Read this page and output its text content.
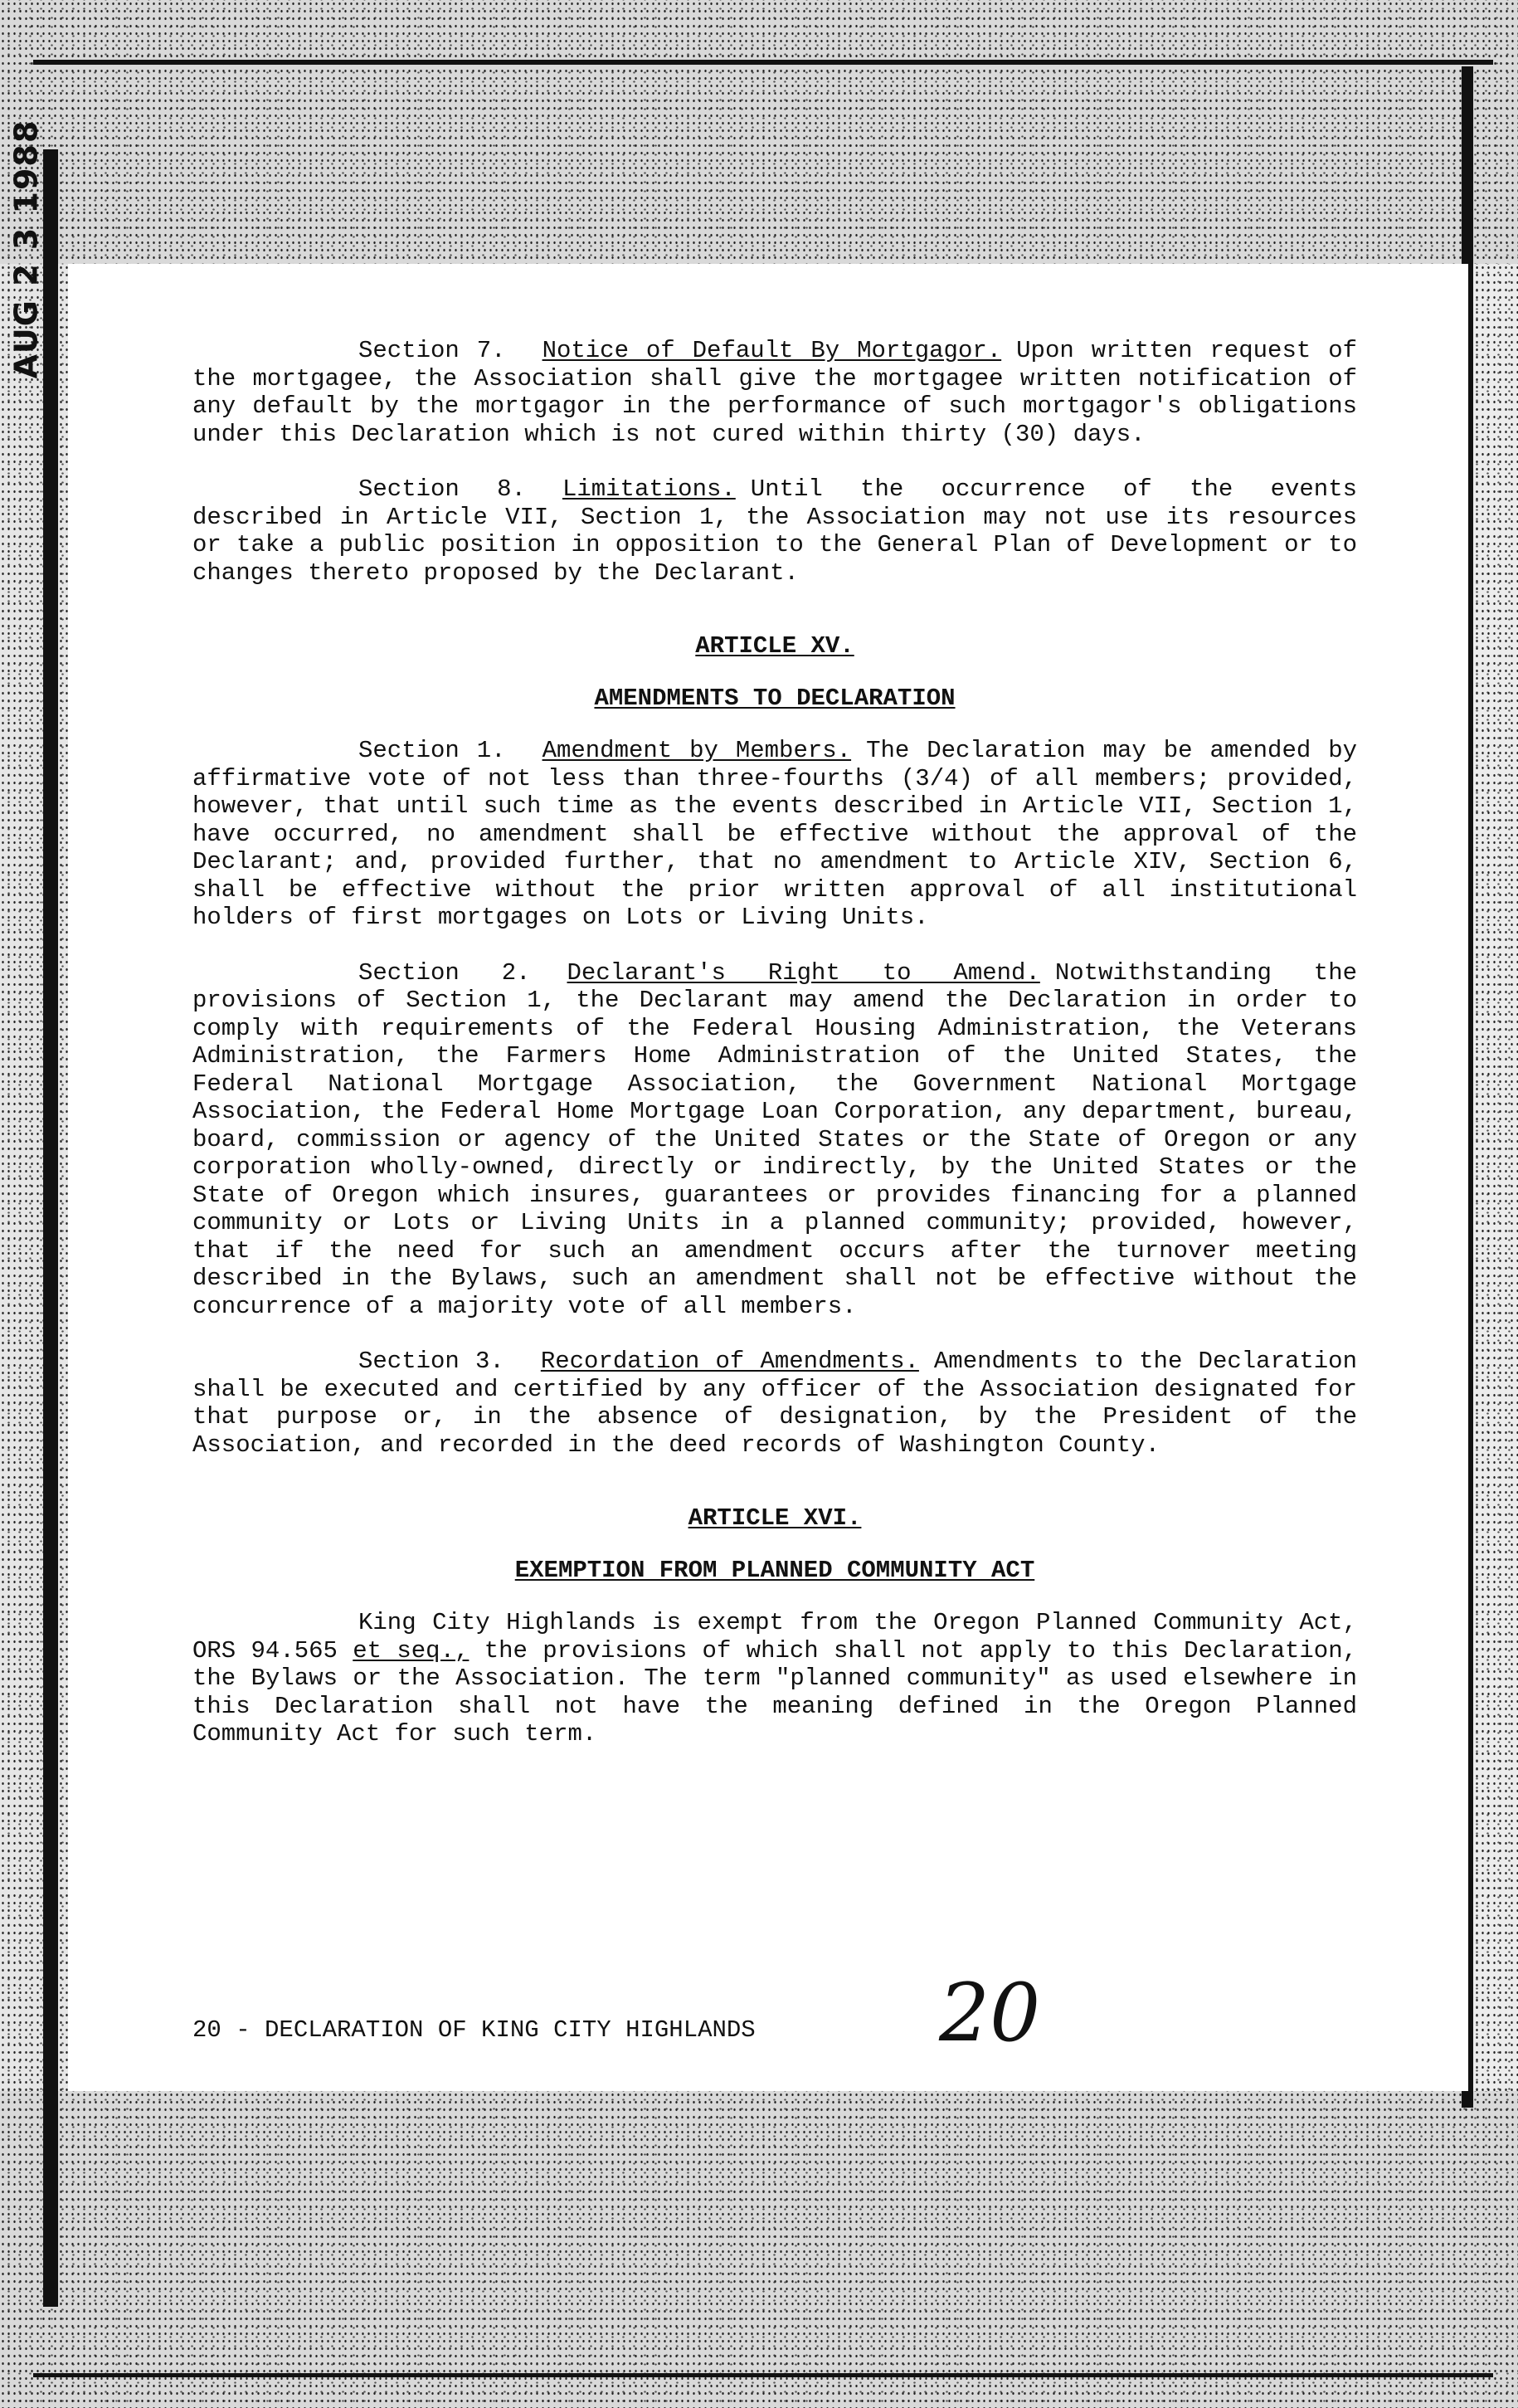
AUG 2 3 1988	Section 7. Notice of Default By Mortgagor. Upon written request of the mortgagee, the Association shall give the mortgagee written notification of any default by the mortgagor in the performance of such mortgagor's obligations under this Declaration which is not cured within thirty (30) days.

Section 8. Limitations. Until the occurrence of the events described in Article VII, Section 1, the Association may not use its resources or take a public position in opposition to the General Plan of Development or to changes thereto proposed by the Declarant.

ARTICLE XV.

AMENDMENTS TO DECLARATION

Section 1. Amendment by Members. The Declaration may be amended by affirmative vote of not less than three-fourths (3/4) of all members; provided, however, that until such time as the events described in Article VII, Section 1, have occurred, no amendment shall be effective without the approval of the Declarant; and, provided further, that no amendment to Article XIV, Section 6, shall be effective without the prior written approval of all institutional holders of first mortgages on Lots or Living Units.

Section 2. Declarant's Right to Amend. Notwithstanding the provisions of Section 1, the Declarant may amend the Declaration in order to comply with requirements of the Federal Housing Administration, the Veterans Administration, the Farmers Home Administration of the United States, the Federal National Mortgage Association, the Government National Mortgage Association, the Federal Home Mortgage Loan Corporation, any department, bureau, board, commission or agency of the United States or the State of Oregon or any corporation wholly-owned, directly or indirectly, by the United States or the State of Oregon which insures, guarantees or provides financing for a planned community or Lots or Living Units in a planned community; provided, however, that if the need for such an amendment occurs after the turnover meeting described in the Bylaws, such an amendment shall not be effective without the concurrence of a majority vote of all members.

Section 3. Recordation of Amendments. Amendments to the Declaration shall be executed and certified by any officer of the Association designated for that purpose or, in the absence of designation, by the President of the Association, and recorded in the deed records of Washington County.

ARTICLE XVI.

EXEMPTION FROM PLANNED COMMUNITY ACT

King City Highlands is exempt from the Oregon Planned Community Act, ORS 94.565 et seq., the provisions of which shall not apply to this Declaration, the Bylaws or the Association. The term "planned community" as used elsewhere in this Declaration shall not have the meaning defined in the Oregon Planned Community Act for such term.

20 - DECLARATION OF KING CITY HIGHLANDS 20
